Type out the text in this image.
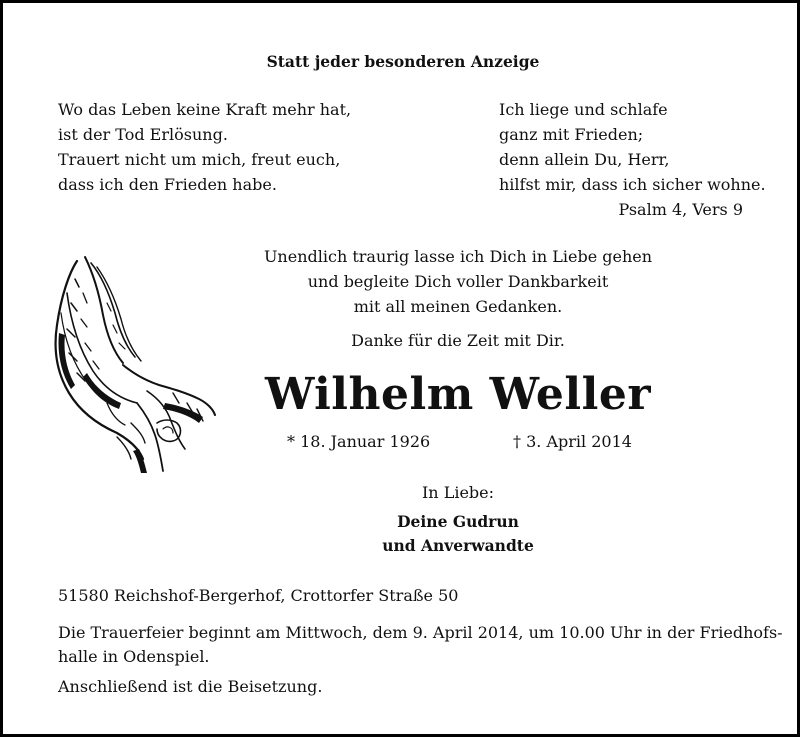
Statt jeder besonderen Anzeige
Wo das Leben keine Kraft mehr hat,
ist der Tod Erlösung.
Trauert nicht um mich, freut euch,
dass ich den Frieden habe.
Ich liege und schlafe
ganz mit Frieden;
denn allein Du, Herr,
hilfst mir, dass ich sicher wohne.
Psalm 4, Vers 9
Unendlich traurig lasse ich Dich in Liebe gehen
und begleite Dich voller Dankbarkeit
mit all meinen Gedanken.
Danke für die Zeit mit Dir.
Wilhelm Weller
* 18. Januar 1926	† 3. April 2014
In Liebe:
Deine Gudrun
und Anverwandte
51580 Reichshof-Bergerhof, Crottorfer Straße 50
Die Trauerfeier beginnt am Mittwoch, dem 9. April 2014, um 10.00 Uhr in der Friedhofs-
halle in Odenspiel.
Anschließend ist die Beisetzung.
